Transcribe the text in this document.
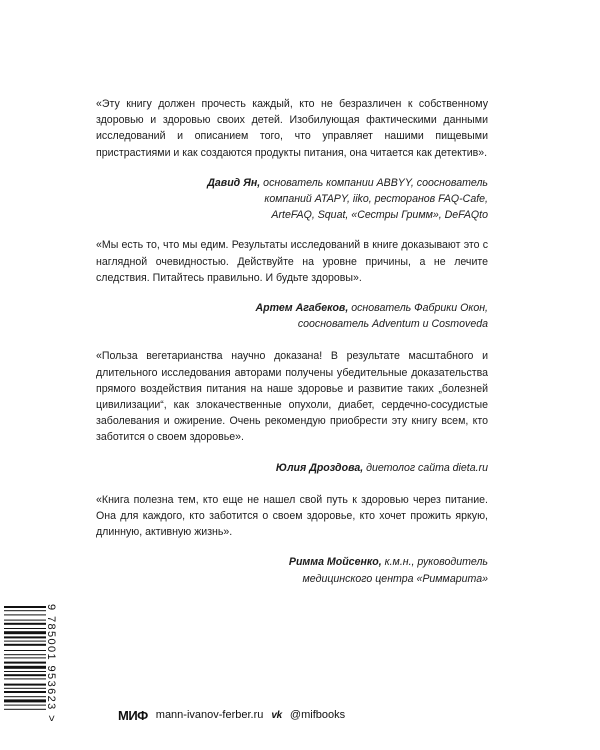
«Эту книгу должен прочесть каждый, кто не безразличен к собственному здоровью и здоровью своих детей. Изобилующая фактическими данными исследований и описанием того, что управляет нашими пищевыми пристрастиями и как создаются продукты питания, она читается как детектив».

Давид Ян, основатель компании ABBYY, сооснователь
компаний ATAPY, iiko, ресторанов FAQ-Cafe,
ArteFAQ, Squat, «Сестры Гримм», DeFAQto

«Мы есть то, что мы едим. Результаты исследований в книге доказывают это с наглядной очевидностью. Действуйте на уровне причины, а не лечите следствия. Питайтесь правильно. И будьте здоровы».

Артем Агабеков, основатель Фабрики Окон,
сооснователь Adventum и Cosmoveda

«Польза вегетарианства научно доказана! В результате масштабного и длительного исследования авторами получены убедительные доказательства прямого воздействия питания на наше здоровье и развитие таких „болезней цивилизации“, как злокачественные опухоли, диабет, сердечно-сосудистые заболевания и ожирение. Очень рекомендую приобрести эту книгу всем, кто заботится о своем здоровье».

Юлия Дроздова, диетолог сайта dieta.ru

«Книга полезна тем, кто еще не нашел свой путь к здоровью через питание. Она для каждого, кто заботится о своем здоровье, кто хочет прожить яркую, длинную, активную жизнь».

Римма Мойсенко, к.м.н., руководитель
медицинского центра «Риммарита»

9 785001 953623 >	МИФ mann-ivanov-ferber.ru vk @mifbooks
